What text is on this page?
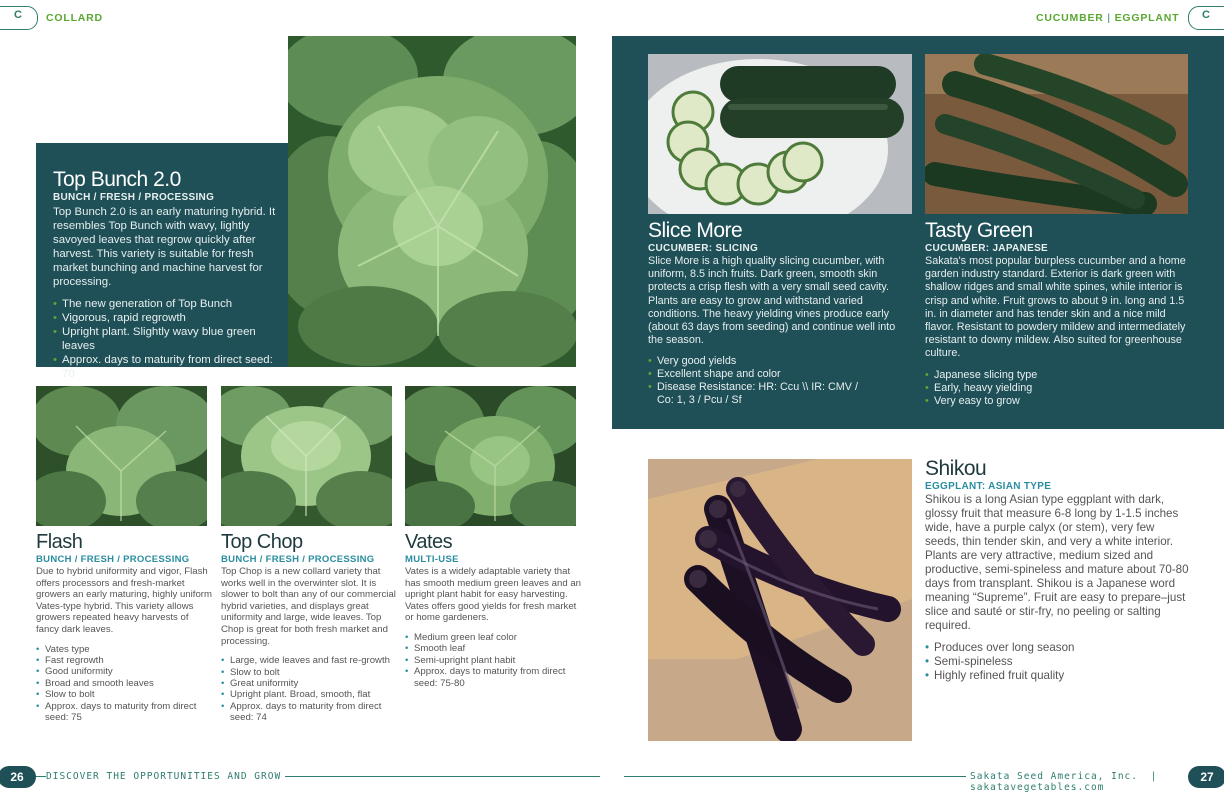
C COLLARD	CUCUMBER | EGGPLANT C
Top Bunch 2.0
BUNCH / FRESH / PROCESSING
Top Bunch 2.0 is an early maturing hybrid. It resembles Top Bunch with wavy, lightly savoyed leaves that regrow quickly after harvest. This variety is suitable for fresh market bunching and machine harvest for processing.
• The new generation of Top Bunch
• Vigorous, rapid regrowth
• Upright plant. Slightly wavy blue green leaves
• Approx. days to maturity from direct seed: 70
Flash
BUNCH / FRESH / PROCESSING
Due to hybrid uniformity and vigor, Flash offers processors and fresh-market growers an early maturing, highly uniform Vates-type hybrid. This variety allows growers repeated heavy harvests of fancy dark leaves.
• Vates type
• Fast regrowth
• Good uniformity
• Broad and smooth leaves
• Slow to bolt
• Approx. days to maturity from direct seed: 75
Top Chop
BUNCH / FRESH / PROCESSING
Top Chop is a new collard variety that works well in the overwinter slot. It is slower to bolt than any of our commercial hybrid varieties, and displays great uniformity and large, wide leaves. Top Chop is great for both fresh market and processing.
• Large, wide leaves and fast re-growth
• Slow to bolt
• Great uniformity
• Upright plant. Broad, smooth, flat
• Approx. days to maturity from direct seed: 74
Vates
MULTI-USE
Vates is a widely adaptable variety that has smooth medium green leaves and an upright plant habit for easy harvesting. Vates offers good yields for fresh market or home gardeners.
• Medium green leaf color
• Smooth leaf
• Semi-upright plant habit
• Approx. days to maturity from direct seed: 75-80
Slice More
CUCUMBER: SLICING
Slice More is a high quality slicing cucumber, with uniform, 8.5 inch fruits. Dark green, smooth skin protects a crisp flesh with a very small seed cavity. Plants are easy to grow and withstand varied conditions. The heavy yielding vines produce early (about 63 days from seeding) and continue well into the season.
• Very good yields
• Excellent shape and color
• Disease Resistance: HR: Ccu \\ IR: CMV / Co: 1, 3 / Pcu / Sf
Tasty Green
CUCUMBER: JAPANESE
Sakata's most popular burpless cucumber and a home garden industry standard. Exterior is dark green with shallow ridges and small white spines, while interior is crisp and white. Fruit grows to about 9 in. long and 1.5 in. in diameter and has tender skin and a nice mild flavor. Resistant to powdery mildew and intermediately resistant to downy mildew. Also suited for greenhouse culture.
• Japanese slicing type
• Early, heavy yielding
• Very easy to grow
Shikou
EGGPLANT: ASIAN TYPE
Shikou is a long Asian type eggplant with dark, glossy fruit that measure 6-8 long by 1-1.5 inches wide, have a purple calyx (or stem), very few seeds, thin tender skin, and very a white interior. Plants are very attractive, medium sized and productive, semi-spineless and mature about 70-80 days from transplant. Shikou is a Japanese word meaning “Supreme”. Fruit are easy to prepare–just slice and sauté or stir-fry, no peeling or salting required.
• Produces over long season
• Semi-spineless
• Highly refined fruit quality
26	DISCOVER THE OPPORTUNITIES AND GROW	Sakata Seed America, Inc. | sakatavegetables.com
27
